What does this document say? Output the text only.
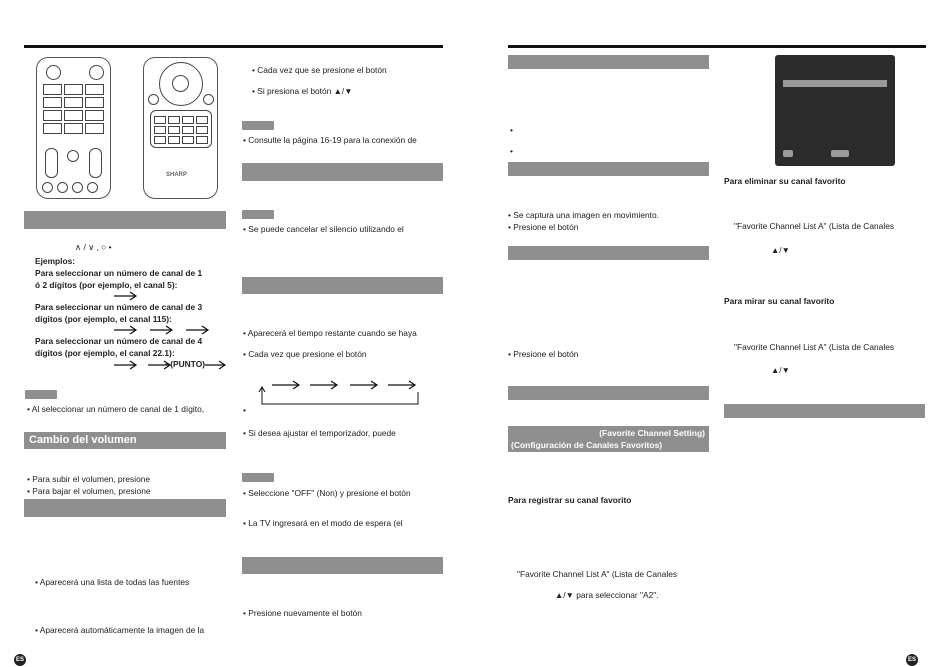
SHARP
∧ / ∨ , ○ •
Ejemplos:
Para seleccionar un número de canal de 1
ó 2 dígitos (por ejemplo, el canal 5):
Para seleccionar un número de canal de 3
dígitos (por ejemplo, el canal 115):
Para seleccionar un número de canal de 4
dígitos (por ejemplo, el canal 22.1):
• (PUNTO)
• Al seleccionar un número de canal de 1 dígito,
Cambio del volumen
• Para subir el volumen, presione
• Para bajar el volumen, presione
• Aparecerá una lista de todas las fuentes
• Aparecerá automáticamente la imagen de la
• Cada vez que se presione el botón
• Si presiona el botón ▲/▼
• Consulte la página 16-19 para la conexión de
• Se puede cancelar el silencio utilizando el
• Aparecerá el tiempo restante cuando se haya
• Cada vez que presione el botón
•
• Si desea ajustar el temporizador, puede
• Seleccione "OFF" (Non) y presione el botón
• La TV ingresará en el modo de espera (el
• Presione nuevamente el botón
ES
•
•
• Se captura una imagen en movimiento.
• Presione el botón
• Presione el botón
(Favorite Channel Setting)
(Configuración de Canales Favoritos)
Para registrar su canal favorito
"Favorite Channel List A" (Lista de Canales
▲/▼ para seleccionar "A2".
Para eliminar su canal favorito
"Favorite Channel List A" (Lista de Canales
▲/▼
Para mirar su canal favorito
"Favorite Channel List A" (Lista de Canales
▲/▼
ES
